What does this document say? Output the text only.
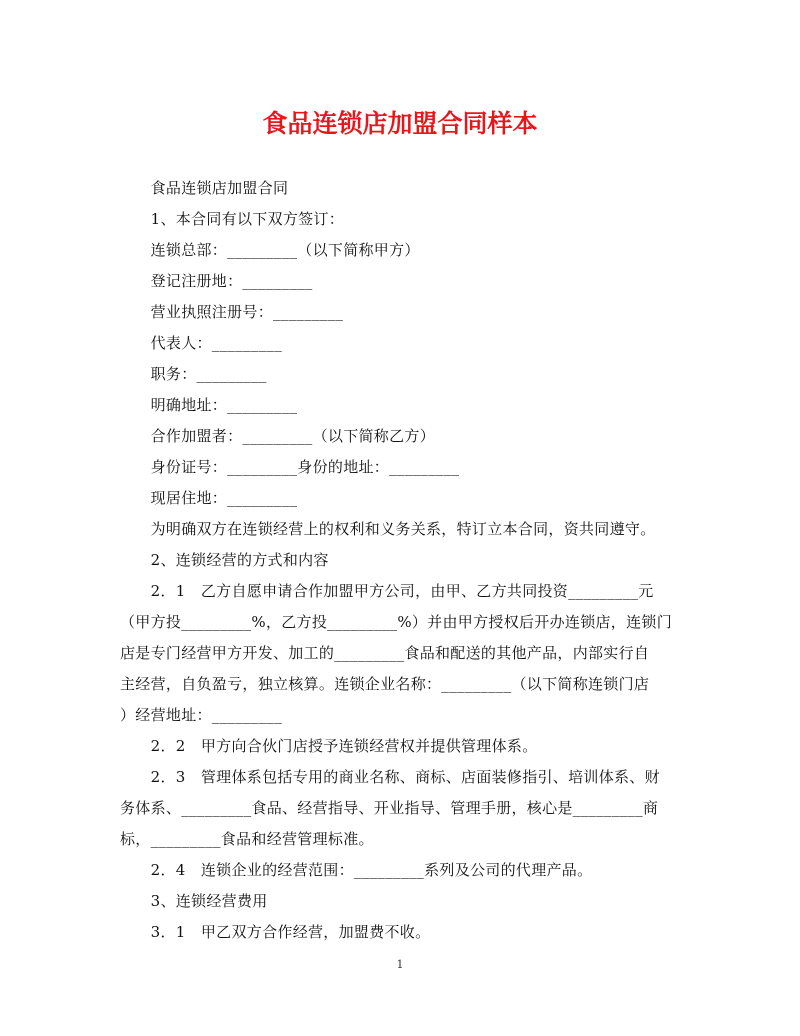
食品连锁店加盟合同样本
　　食品连锁店加盟合同
　　1、本合同有以下双方签订：
　　连锁总部：_________（以下简称甲方）
　　登记注册地：_________
　　营业执照注册号：_________
　　代表人：_________
　　职务：_________
　　明确地址：_________
　　合作加盟者：_________（以下简称乙方）
　　身份证号：_________身份的地址：_________
　　现居住地：_________
　　为明确双方在连锁经营上的权利和义务关系，特订立本合同，资共同遵守。
　　2、连锁经营的方式和内容
　　2．1　乙方自愿申请合作加盟甲方公司，由甲、乙方共同投资_________元
（甲方投_________%，乙方投_________%）并由甲方授权后开办连锁店，连锁门
店是专门经营甲方开发、加工的_________食品和配送的其他产品，内部实行自
主经营，自负盈亏，独立核算。连锁企业名称：_________（以下简称连锁门店
）经营地址：_________
　　2．2　甲方向合伙门店授予连锁经营权并提供管理体系。
　　2．3　管理体系包括专用的商业名称、商标、店面装修指引、培训体系、财
务体系、_________食品、经营指导、开业指导、管理手册，核心是_________商
标，_________食品和经营管理标准。
　　2．4　连锁企业的经营范围：_________系列及公司的代理产品。
　　3、连锁经营费用
　　3．1　甲乙双方合作经营，加盟费不收。
1
